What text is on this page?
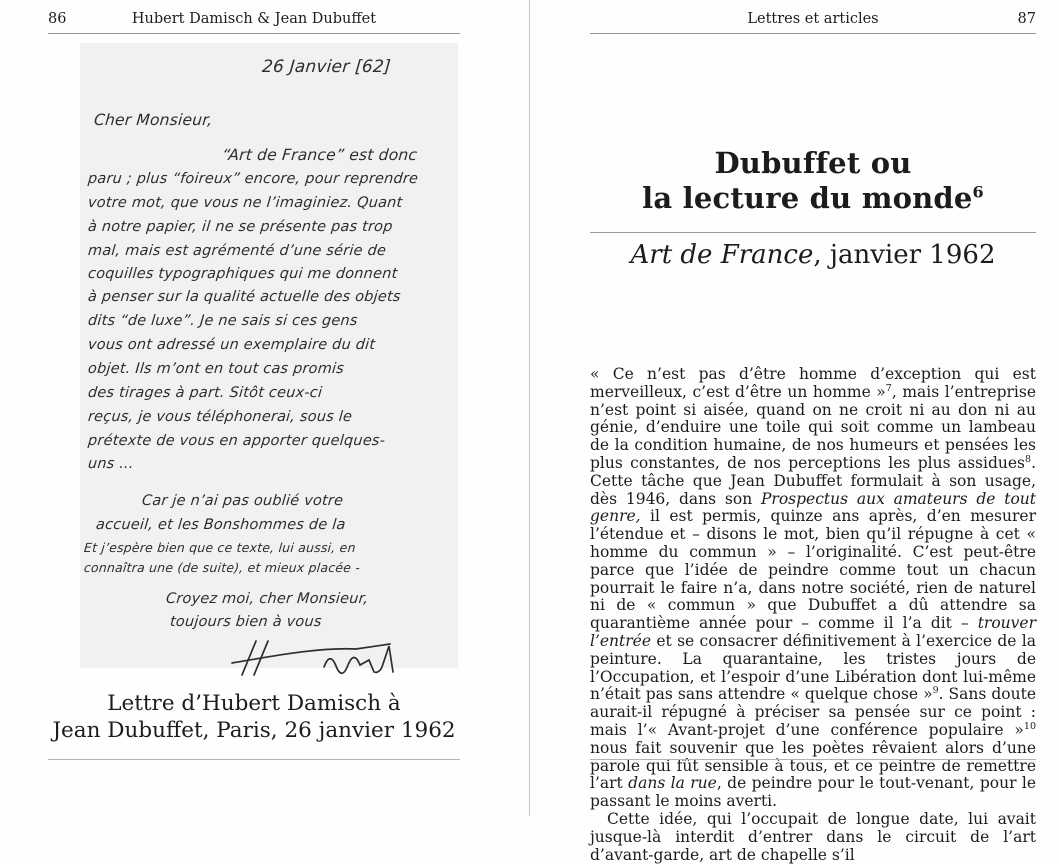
86	Hubert Damisch & Jean Dubuffet
26 Janvier [62]
Cher Monsieur,
“Art de France” est donc
paru ; plus “foireux” encore, pour reprendre
votre mot, que vous ne l’imaginiez. Quant
à notre papier, il ne se présente pas trop
mal, mais est agrémenté d’une série de
coquilles typographiques qui me donnent
à penser sur la qualité actuelle des objets
dits “de luxe”. Je ne sais si ces gens
vous ont adressé un exemplaire du dit
objet. Ils m’ont en tout cas promis
des tirages à part. Sitôt ceux-ci
reçus, je vous téléphonerai, sous le
prétexte de vous en apporter quelques-
uns ...
Car je n’ai pas oublié votre
accueil, et les Bonshommes de la
Et j’espère bien que ce texte, lui aussi, en
connaîtra une (de suite), et mieux placée -
Croyez moi, cher Monsieur,
toujours bien à vous
Lettre d’Hubert Damisch à
Jean Dubuffet, Paris, 26 janvier 1962
Lettres et articles	87
Dubuffet ou
la lecture du monde$^6$
Art de France, janvier 1962

« Ce n’est pas d’être homme d’exception qui est merveilleux, c’est d’être un homme »$^7$, mais l’entreprise n’est point si aisée, quand on ne croit ni au don ni au génie, d’enduire une toile qui soit comme un lambeau de la condition humaine, de nos humeurs et pensées les plus constantes, de nos perceptions les plus assidues$^8$. Cette tâche que Jean Dubuffet formulait à son usage, dès 1946, dans son Prospectus aux amateurs de tout genre, il est permis, quinze ans après, d’en mesurer l’étendue et – disons le mot, bien qu’il répugne à cet « homme du commun » – l’originalité. C’est peut-être parce que l’idée de peindre comme tout un chacun pourrait le faire n’a, dans notre société, rien de naturel ni de « commun » que Dubuffet a dû attendre sa quarantième année pour – comme il l’a dit – trouver l’entrée et se consacrer définitivement à l’exercice de la peinture. La quarantaine, les tristes jours de l’Occupation, et l’espoir d’une Libération dont lui-même n’était pas sans attendre « quelque chose »$^9$. Sans doute aurait-il répugné à préciser sa pensée sur ce point : mais l’« Avant-projet d’une conférence populaire »$^{10}$ nous fait souvenir que les poètes rêvaient alors d’une parole qui fût sensible à tous, et ce peintre de remettre l’art dans la rue, de peindre pour le tout-venant, pour le passant le moins averti.

Cette idée, qui l’occupait de longue date, lui avait jusque-là interdit d’entrer dans le circuit de l’art d’avant-garde, art de chapelle s’il
